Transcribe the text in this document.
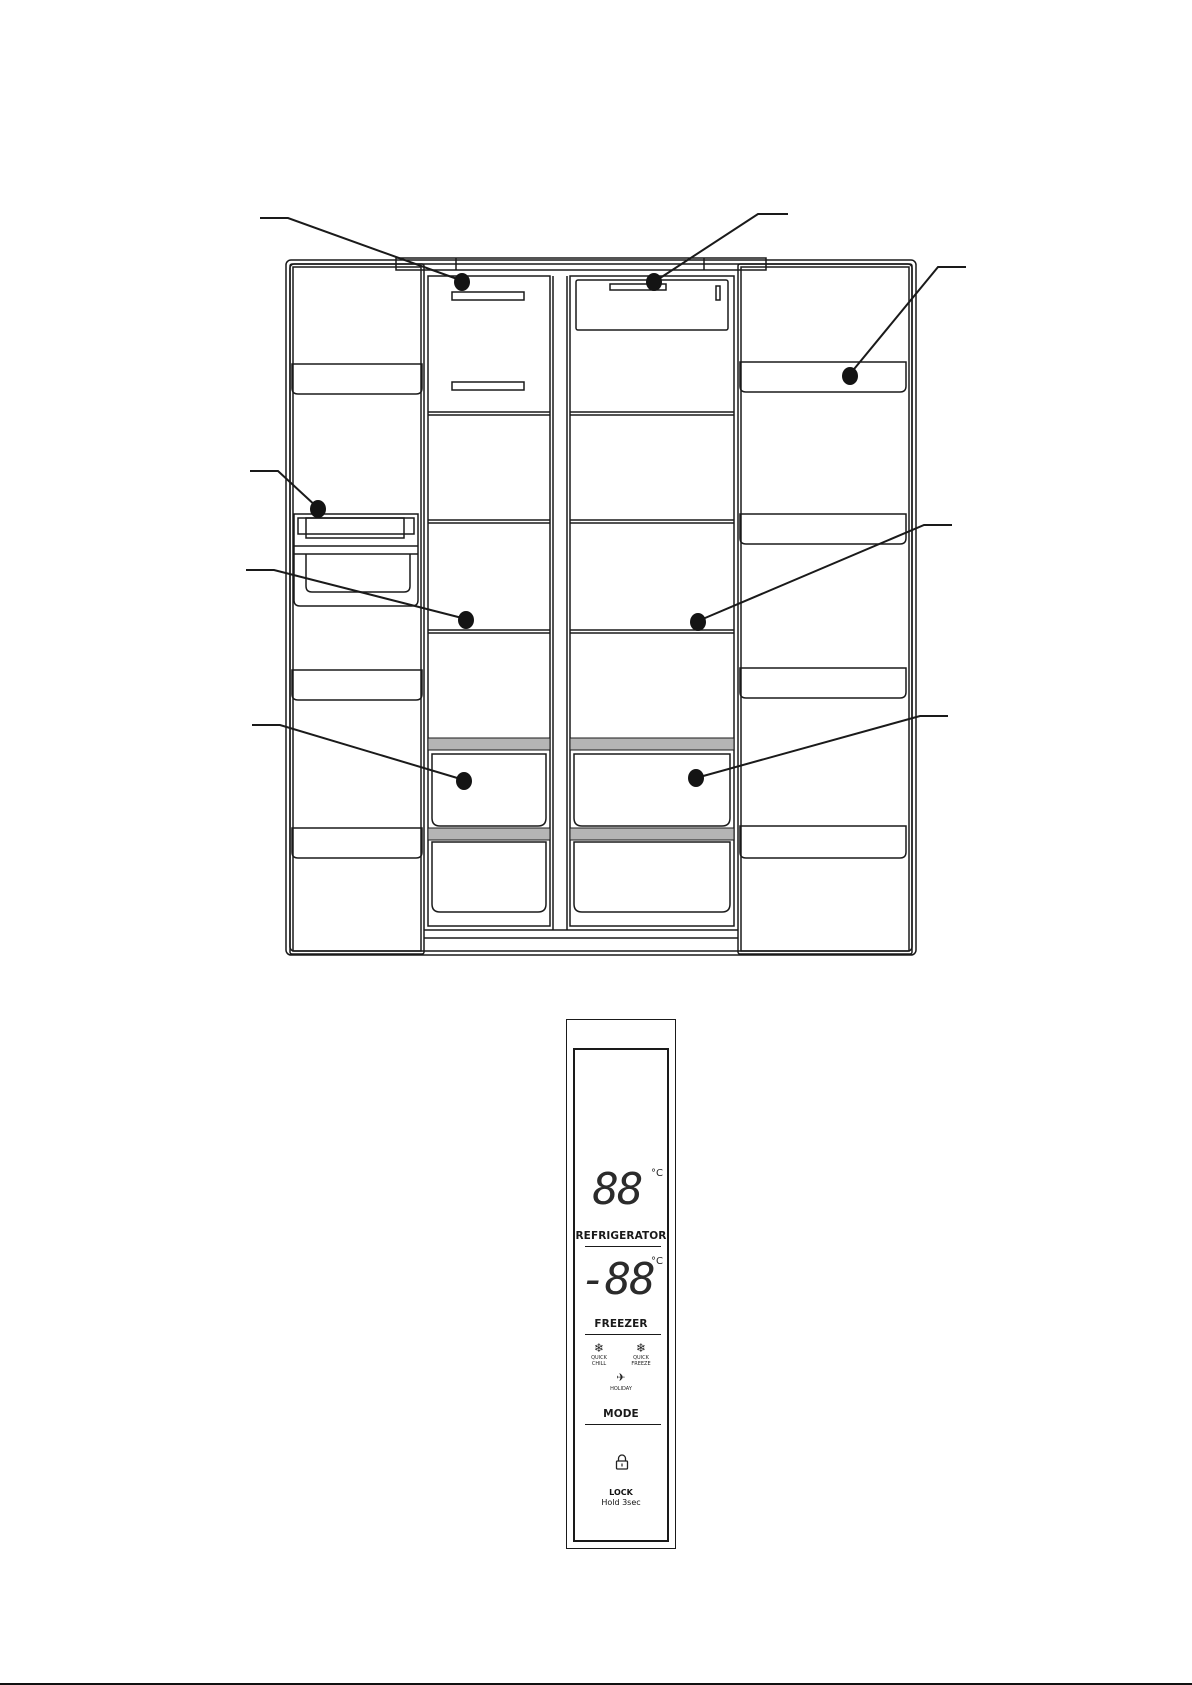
88 °C
REFRIGERATOR
-88
°C
FREEZER
❄
QUICK
CHILL
❄
QUICK
FREEZE
✈
HOLIDAY
MODE
LOCK
Hold 3sec
